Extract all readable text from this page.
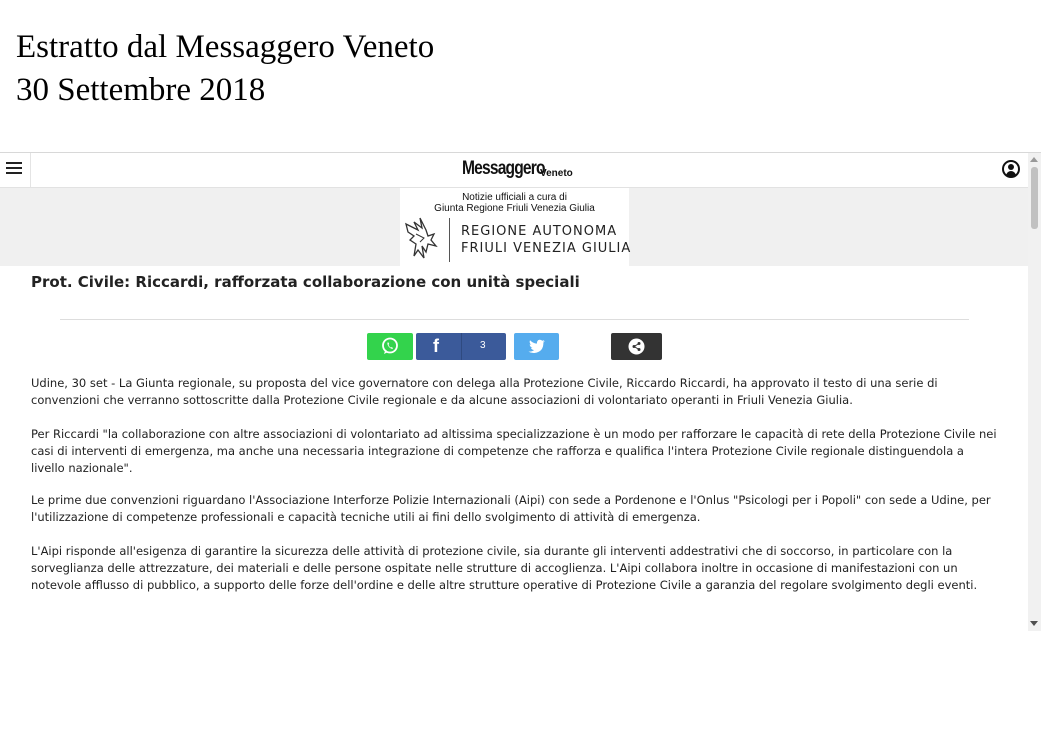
Estratto dal Messaggero Veneto
30 Settembre 2018
Messaggero
Veneto
Notizie ufficiali a cura di
Giunta Regione Friuli Venezia Giulia
REGIONE AUTONOMA
FRIULI VENEZIA GIULIA
Prot. Civile: Riccardi, rafforzata collaborazione con unità speciali
f	3
Udine, 30 set - La Giunta regionale, su proposta del vice governatore con delega alla Protezione Civile, Riccardo Riccardi, ha approvato il testo di una serie di convenzioni che verranno sottoscritte dalla Protezione Civile regionale e da alcune associazioni di volontariato operanti in Friuli Venezia Giulia.
Per Riccardi "la collaborazione con altre associazioni di volontariato ad altissima specializzazione è un modo per rafforzare le capacità di rete della Protezione Civile nei casi di interventi di emergenza, ma anche una necessaria integrazione di competenze che rafforza e qualifica l'intera Protezione Civile regionale distinguendola a livello nazionale".
Le prime due convenzioni riguardano l'Associazione Interforze Polizie Internazionali (Aipi) con sede a Pordenone e l'Onlus "Psicologi per i Popoli" con sede a Udine, per l'utilizzazione di competenze professionali e capacità tecniche utili ai fini dello svolgimento di attività di emergenza.
L'Aipi risponde all'esigenza di garantire la sicurezza delle attività di protezione civile, sia durante gli interventi addestrativi che di soccorso, in particolare con la sorveglianza delle attrezzature, dei materiali e delle persone ospitate nelle strutture di accoglienza. L'Aipi collabora inoltre in occasione di manifestazioni con un notevole afflusso di pubblico, a supporto delle forze dell'ordine e delle altre strutture operative di Protezione Civile a garanzia del regolare svolgimento degli eventi.
